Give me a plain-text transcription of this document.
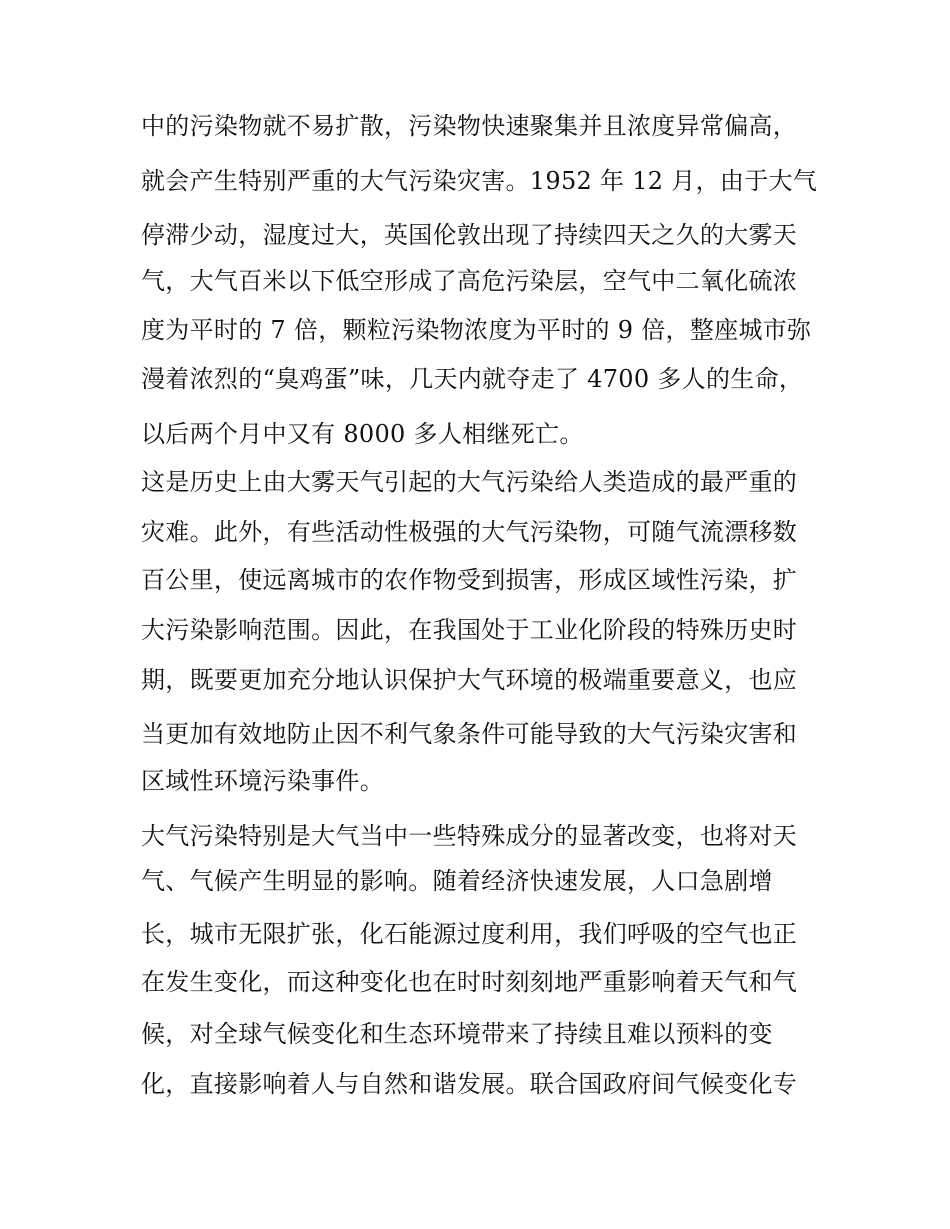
中的污染物就不易扩散，污染物快速聚集并且浓度异常偏高，
就会产生特别严重的大气污染灾害。1952 年 12 月，由于大气
停滞少动，湿度过大，英国伦敦出现了持续四天之久的大雾天
气，大气百米以下低空形成了高危污染层，空气中二氧化硫浓
度为平时的 7 倍，颗粒污染物浓度为平时的 9 倍，整座城市弥
漫着浓烈的“臭鸡蛋”味，几天内就夺走了 4700 多人的生命，
以后两个月中又有 8000 多人相继死亡。
这是历史上由大雾天气引起的大气污染给人类造成的最严重的
灾难。此外，有些活动性极强的大气污染物，可随气流漂移数
百公里，使远离城市的农作物受到损害，形成区域性污染，扩
大污染影响范围。因此，在我国处于工业化阶段的特殊历史时
期，既要更加充分地认识保护大气环境的极端重要意义，也应
当更加有效地防止因不利气象条件可能导致的大气污染灾害和
区域性环境污染事件。
大气污染特别是大气当中一些特殊成分的显著改变，也将对天
气、气候产生明显的影响。随着经济快速发展，人口急剧增
长，城市无限扩张，化石能源过度利用，我们呼吸的空气也正
在发生变化，而这种变化也在时时刻刻地严重影响着天气和气
候，对全球气候变化和生态环境带来了持续且难以预料的变
化，直接影响着人与自然和谐发展。联合国政府间气候变化专
